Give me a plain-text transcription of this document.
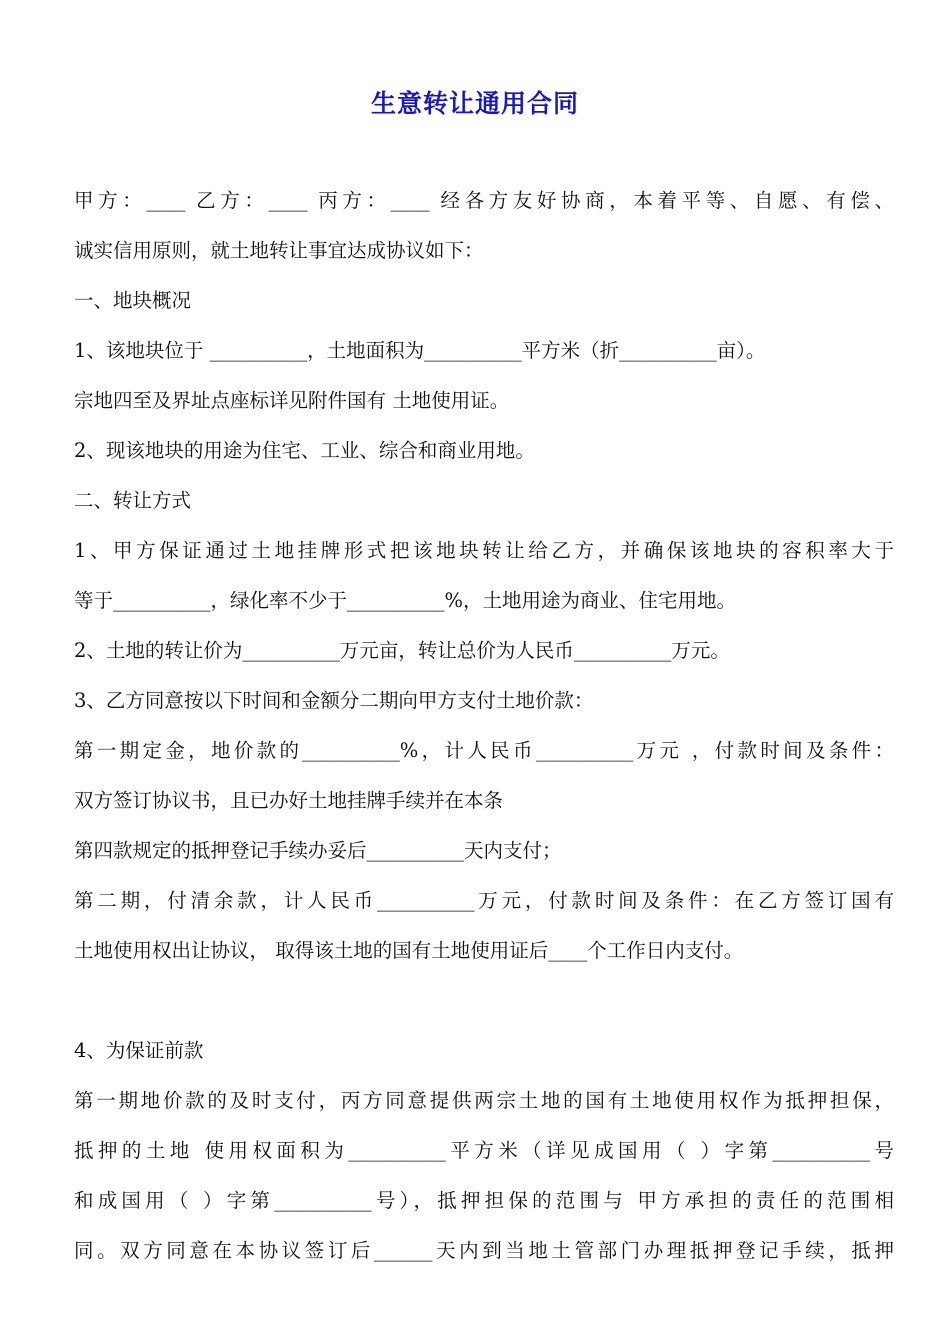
生意转让通用合同
甲方：____ 乙方：____ 丙方：____ 经各方友好协商，本着平等、自愿、有偿、
诚实信用原则，就土地转让事宜达成协议如下：
一、地块概况
1、该地块位于 __________，土地面积为__________平方米（折__________亩）。
宗地四至及界址点座标详见附件国有 土地使用证。
2、现该地块的用途为住宅、工业、综合和商业用地。
二、转让方式
1、甲方保证通过土地挂牌形式把该地块转让给乙方，并确保该地块的容积率大于
等于__________，绿化率不少于__________%，土地用途为商业、住宅用地。
2、土地的转让价为__________万元亩，转让总价为人民币__________万元。
3、乙方同意按以下时间和金额分二期向甲方支付土地价款：
第一期定金，地价款的__________%，计人民币__________万元 ，付款时间及条件：
双方签订协议书，且已办好土地挂牌手续并在本条
第四款规定的抵押登记手续办妥后__________天内支付；
第二期，付清余款，计人民币__________万元，付款时间及条件：在乙方签订国有
土地使用权出让协议， 取得该土地的国有土地使用证后____个工作日内支付。
4、为保证前款
第一期地价款的及时支付，丙方同意提供两宗土地的国有土地使用权作为抵押担保，
抵押的土地 使用权面积为__________平方米（详见成国用（ ）字第__________号
和成国用（ ）字第__________号），抵押担保的范围与 甲方承担的责任的范围相
同。双方同意在本协议签订后______天内到当地土管部门办理抵押登记手续，抵押
